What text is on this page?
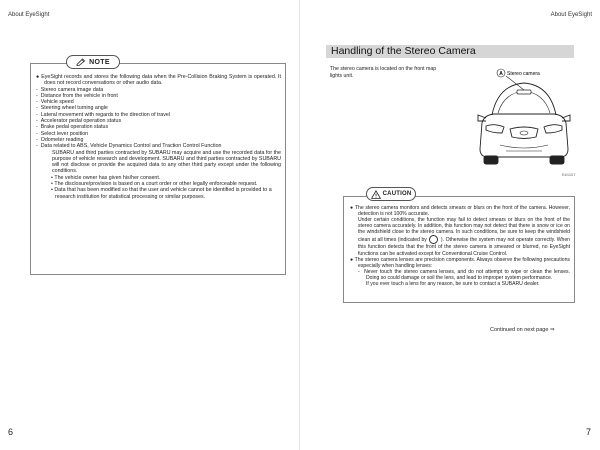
About EyeSight
NOTE

● EyeSight records and stores the following data when the Pre-Collision Braking System is operated. It does not record conversations or other audio data.

-  Stereo camera image data

-  Distance from the vehicle in front

-  Vehicle speed

-  Steering wheel turning angle

-  Lateral movement with regards to the direction of travel

-  Accelerator pedal operation status

-  Brake pedal operation status

-  Select lever position

-  Odometer reading

-  Data related to ABS, Vehicle Dynamics Control and Traction Control Function

SUBARU and third parties contracted by SUBARU may acquire and use the recorded data for the purpose of vehicle research and development. SUBARU and third parties contracted by SUBARU will not disclose or provide the acquired data to any other third party except under the following conditions.

• The vehicle owner has given his/her consent.

• The disclosure/provision is based on a court order or other legally enforceable request.

• Data that has been modified so that the user and vehicle cannot be identified is provided to a research institution for statistical processing or similar purposes.

6
About EyeSight
Handling of the Stereo Camera
The stereo camera is located on the front map lights unit.	A Stereo camera
E#1107
! CAUTION

● The stereo camera monitors and detects smears or blurs on the front of the camera. However, detection is not 100% accurate.

Under certain conditions, the function may fail to detect smears or blurs on the front of the stereo camera accurately. In addition, this function may not detect that there is snow or ice on the windshield close to the stereo camera. In such conditions, be sure to keep the windshield clean at all times (indicated by	). Otherwise the system may not operate correctly. When this function detects that the front of the stereo camera is smeared or blurred, no EyeSight functions can be activated except for Conventional Cruise Control.

● The stereo camera lenses are precision components. Always observe the following precautions especially when handling lenses:

-  Never touch the stereo camera lenses, and do not attempt to wipe or clean the lenses. Doing so could damage or soil the lens, and lead to improper system performance.

If you ever touch a lens for any reason, be sure to contact a SUBARU dealer.

Continued on next page ⇒
7
